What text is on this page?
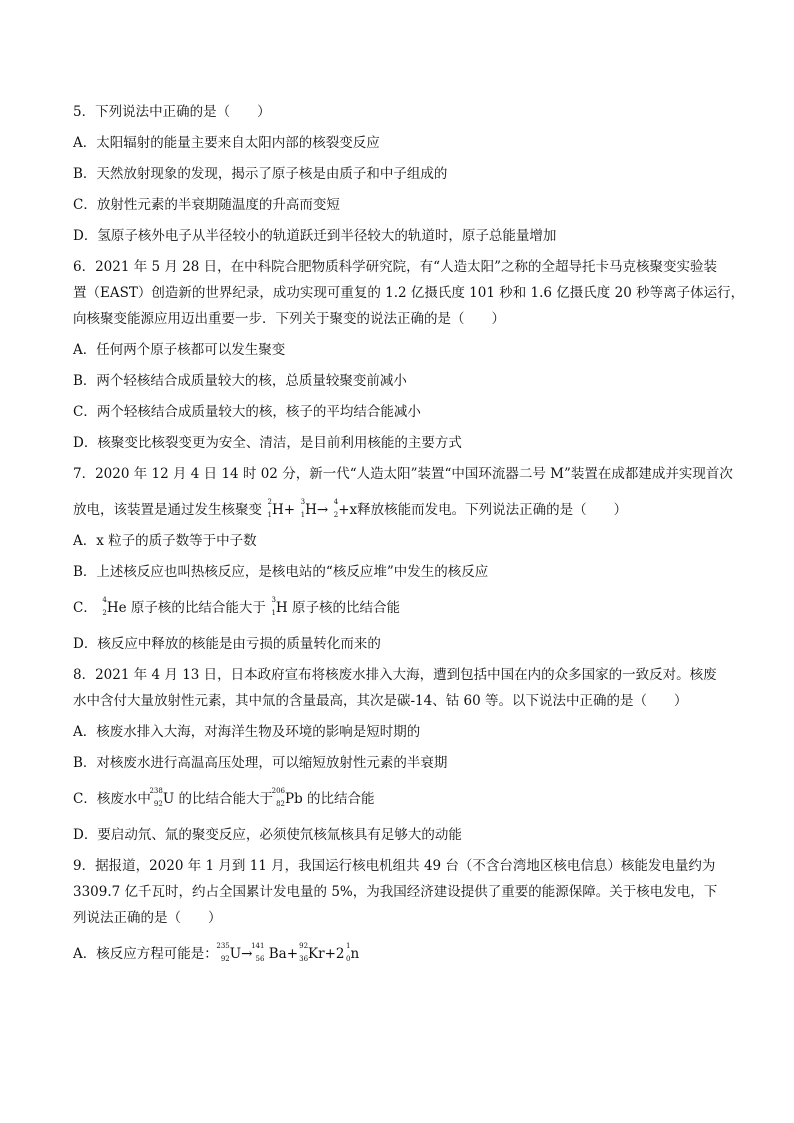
5．下列说法中正确的是（　　）
A．太阳辐射的能量主要来自太阳内部的核裂变反应
B．天然放射现象的发现，揭示了原子核是由质子和中子组成的
C．放射性元素的半衰期随温度的升高而变短
D．氢原子核外电子从半径较小的轨道跃迁到半径较大的轨道时，原子总能量增加
6．2021 年 5 月 28 日，在中科院合肥物质科学研究院，有“人造太阳”之称的全超导托卡马克核聚变实验装
置（EAST）创造新的世界纪录，成功实现可重复的 1.2 亿摄氏度 101 秒和 1.6 亿摄氏度 20 秒等离子体运行，
向核聚变能源应用迈出重要一步．下列关于聚变的说法正确的是（　　）
A．任何两个原子核都可以发生聚变
B．两个轻核结合成质量较大的核，总质量较聚变前减小
C．两个轻核结合成质量较大的核，核子的平均结合能减小
D．核聚变比核裂变更为安全、清洁，是目前利用核能的主要方式
7．2020 年 12 月 4 日 14 时 02 分，新一代“人造太阳”装置“中国环流器二号 M”装置在成都建成并实现首次
放电，该装置是通过发生核聚变 2
1 H+ 3
1 H→ 4
2 +x释放核能而发电。下列说法正确的是（　　）
A．x 粒子的质子数等于中子数
B．上述核反应也叫热核反应，是核电站的“核反应堆”中发生的核反应
C． 4
2 He 原子核的比结合能大于 3
1 H 原子核的比结合能
D．核反应中释放的核能是由亏损的质量转化而来的
8．2021 年 4 月 13 日，日本政府宣布将核废水排入大海，遭到包括中国在内的众多国家的一致反对。核废
水中含付大量放射性元素，其中氚的含量最高，其次是碳-14、钴 60 等。以下说法中正确的是（　　）
A．核废水排入大海，对海洋生物及环境的影响是短时期的
B．对核废水进行高温高压处理，可以缩短放射性元素的半衰期
C．核废水中
238
92 U 的比结合能大于
206
82 Pb 的比结合能
D．要启动氘、氚的聚变反应，必须使氘核氚核具有足够大的动能
9．据报道，2020 年 1 月到 11 月，我国运行核电机组共 49 台（不含台湾地区核电信息）核能发电量约为
3309.7 亿千瓦时，约占全国累计发电量的 5%，为我国经济建设提供了重要的能源保障。关于核电发电，下
列说法正确的是（　　）
A．核反应方程可能是：
235
92 U→
141
56 Ba+ 92
36 Kr+2 1
0 n
